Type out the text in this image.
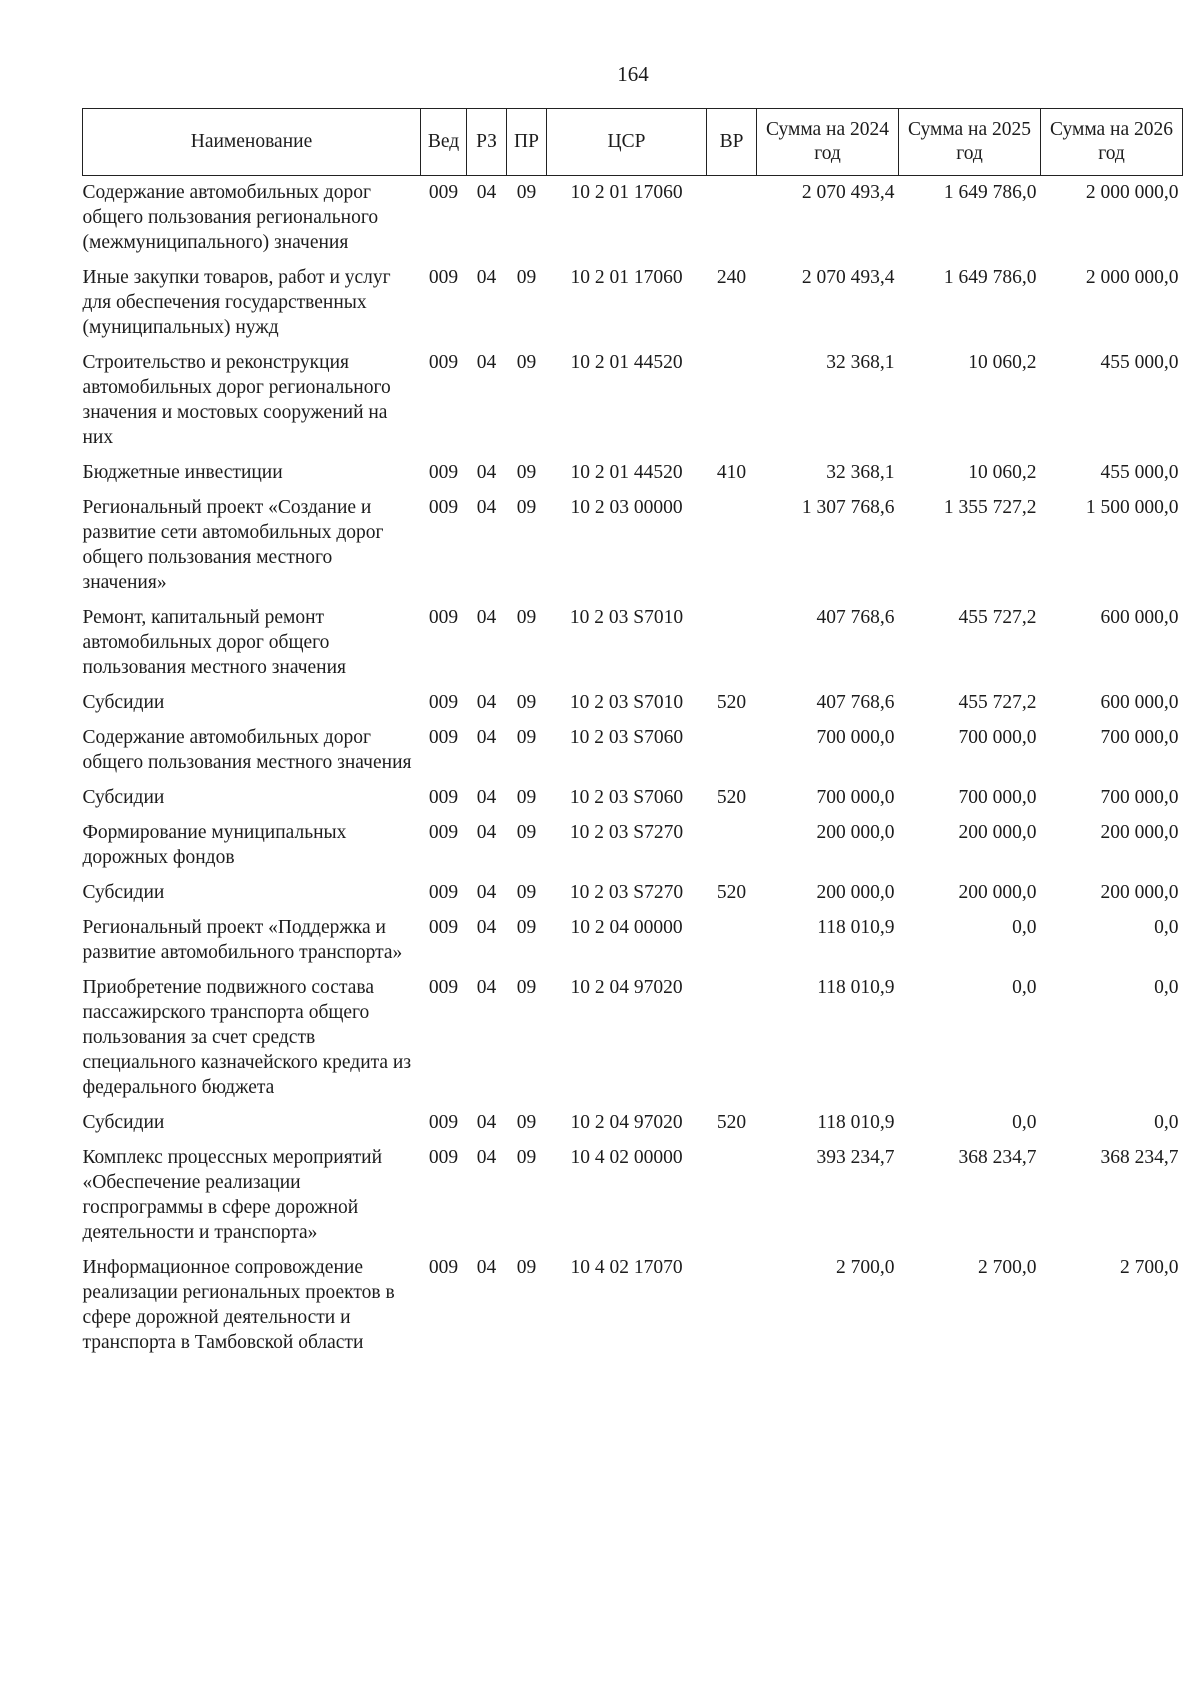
164
Наименование	Вед	РЗ	ПР	ЦСР	ВР	Сумма на 2024 год	Сумма на 2025 год	Сумма на 2026 год
Содержание автомобильных дорог общего пользования регионального (межмуниципального) значения	009	04	09	10 2 01 17060		2 070 493,4	1 649 786,0	2 000 000,0
Иные закупки товаров, работ и услуг для обеспечения государственных (муниципальных) нужд	009	04	09	10 2 01 17060	240	2 070 493,4	1 649 786,0	2 000 000,0
Строительство и реконструкция автомобильных дорог регионального значения и мостовых сооружений на них	009	04	09	10 2 01 44520		32 368,1	10 060,2	455 000,0
Бюджетные инвестиции	009	04	09	10 2 01 44520	410	32 368,1	10 060,2	455 000,0
Региональный проект «Создание и развитие сети автомобильных дорог общего пользования местного значения»	009	04	09	10 2 03 00000		1 307 768,6	1 355 727,2	1 500 000,0
Ремонт, капитальный ремонт автомобильных дорог общего пользования местного значения	009	04	09	10 2 03 S7010		407 768,6	455 727,2	600 000,0
Субсидии	009	04	09	10 2 03 S7010	520	407 768,6	455 727,2	600 000,0
Содержание автомобильных дорог общего пользования местного значения	009	04	09	10 2 03 S7060		700 000,0	700 000,0	700 000,0
Субсидии	009	04	09	10 2 03 S7060	520	700 000,0	700 000,0	700 000,0
Формирование муниципальных дорожных фондов	009	04	09	10 2 03 S7270		200 000,0	200 000,0	200 000,0
Субсидии	009	04	09	10 2 03 S7270	520	200 000,0	200 000,0	200 000,0
Региональный проект «Поддержка и развитие автомобильного транспорта»	009	04	09	10 2 04 00000		118 010,9	0,0	0,0
Приобретение подвижного состава пассажирского транспорта общего пользования за счет средств специального казначейского кредита из федерального бюджета	009	04	09	10 2 04 97020		118 010,9	0,0	0,0
Субсидии	009	04	09	10 2 04 97020	520	118 010,9	0,0	0,0
Комплекс процессных мероприятий «Обеспечение реализации госпрограммы в сфере дорожной деятельности и транспорта»	009	04	09	10 4 02 00000		393 234,7	368 234,7	368 234,7
Информационное сопровождение реализации региональных проектов в сфере дорожной деятельности и транспорта в Тамбовской области	009	04	09	10 4 02 17070		2 700,0	2 700,0	2 700,0
